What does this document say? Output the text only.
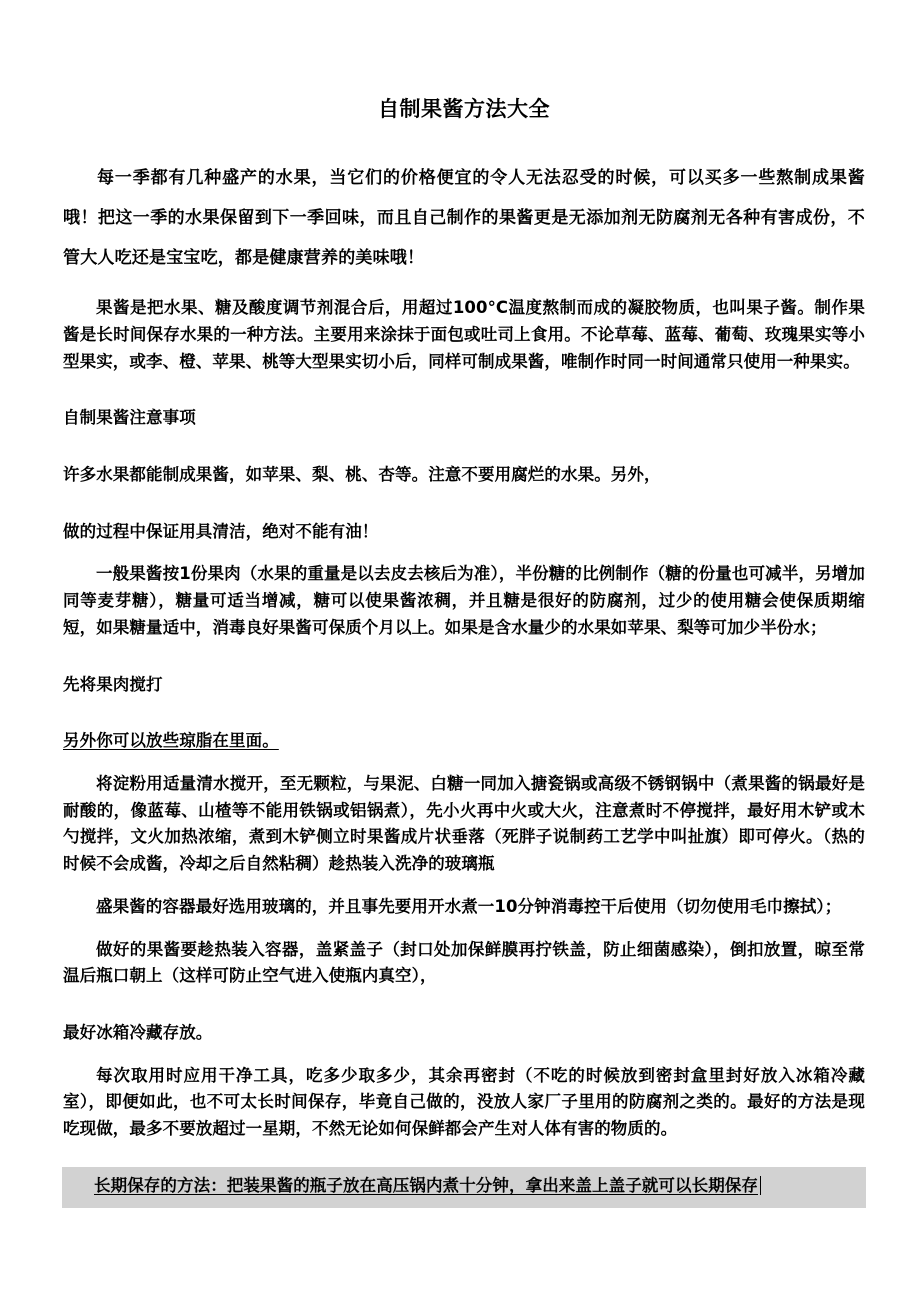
自制果酱方法大全

每一季都有几种盛产的水果，当它们的价格便宜的令人无法忍受的时候，可以买多一些熬制成果酱哦！把这一季的水果保留到下一季回味，而且自己制作的果酱更是无添加剂无防腐剂无各种有害成份，不管大人吃还是宝宝吃，都是健康营养的美味哦！

果酱是把水果、糖及酸度调节剂混合后，用超过100°C温度熬制而成的凝胶物质，也叫果子酱。制作果酱是长时间保存水果的一种方法。主要用来涂抹于面包或吐司上食用。不论草莓、蓝莓、葡萄、玫瑰果实等小型果实，或李、橙、苹果、桃等大型果实切小后，同样可制成果酱，唯制作时同一时间通常只使用一种果实。

自制果酱注意事项

许多水果都能制成果酱，如苹果、梨、桃、杏等。注意不要用腐烂的水果。另外，

做的过程中保证用具清洁，绝对不能有油！

一般果酱按1份果肉（水果的重量是以去皮去核后为准），半份糖的比例制作（糖的份量也可减半，另增加同等麦芽糖），糖量可适当增减，糖可以使果酱浓稠，并且糖是很好的防腐剂，过少的使用糖会使保质期缩短，如果糖量适中，消毒良好果酱可保质个月以上。如果是含水量少的水果如苹果、梨等可加少半份水；

先将果肉搅打

另外你可以放些琼脂在里面。

将淀粉用适量清水搅开，至无颗粒，与果泥、白糖一同加入搪瓷锅或高级不锈钢锅中（煮果酱的锅最好是耐酸的，像蓝莓、山楂等不能用铁锅或铝锅煮），先小火再中火或大火，注意煮时不停搅拌，最好用木铲或木勺搅拌，文火加热浓缩，煮到木铲侧立时果酱成片状垂落（死胖子说制药工艺学中叫扯旗）即可停火。（热的时候不会成酱，冷却之后自然粘稠）趁热装入洗净的玻璃瓶

盛果酱的容器最好选用玻璃的，并且事先要用开水煮一10分钟消毒控干后使用（切勿使用毛巾擦拭）；

做好的果酱要趁热装入容器，盖紧盖子（封口处加保鲜膜再拧铁盖，防止细菌感染），倒扣放置，晾至常温后瓶口朝上（这样可防止空气进入使瓶内真空），

最好冰箱冷藏存放。

每次取用时应用干净工具，吃多少取多少，其余再密封（不吃的时候放到密封盒里封好放入冰箱冷藏室），即便如此，也不可太长时间保存，毕竟自己做的，没放人家厂子里用的防腐剂之类的。最好的方法是现吃现做，最多不要放超过一星期，不然无论如何保鲜都会产生对人体有害的物质的。

长期保存的方法：把装果酱的瓶子放在高压锅内煮十分钟，拿出来盖上盖子就可以长期保存
